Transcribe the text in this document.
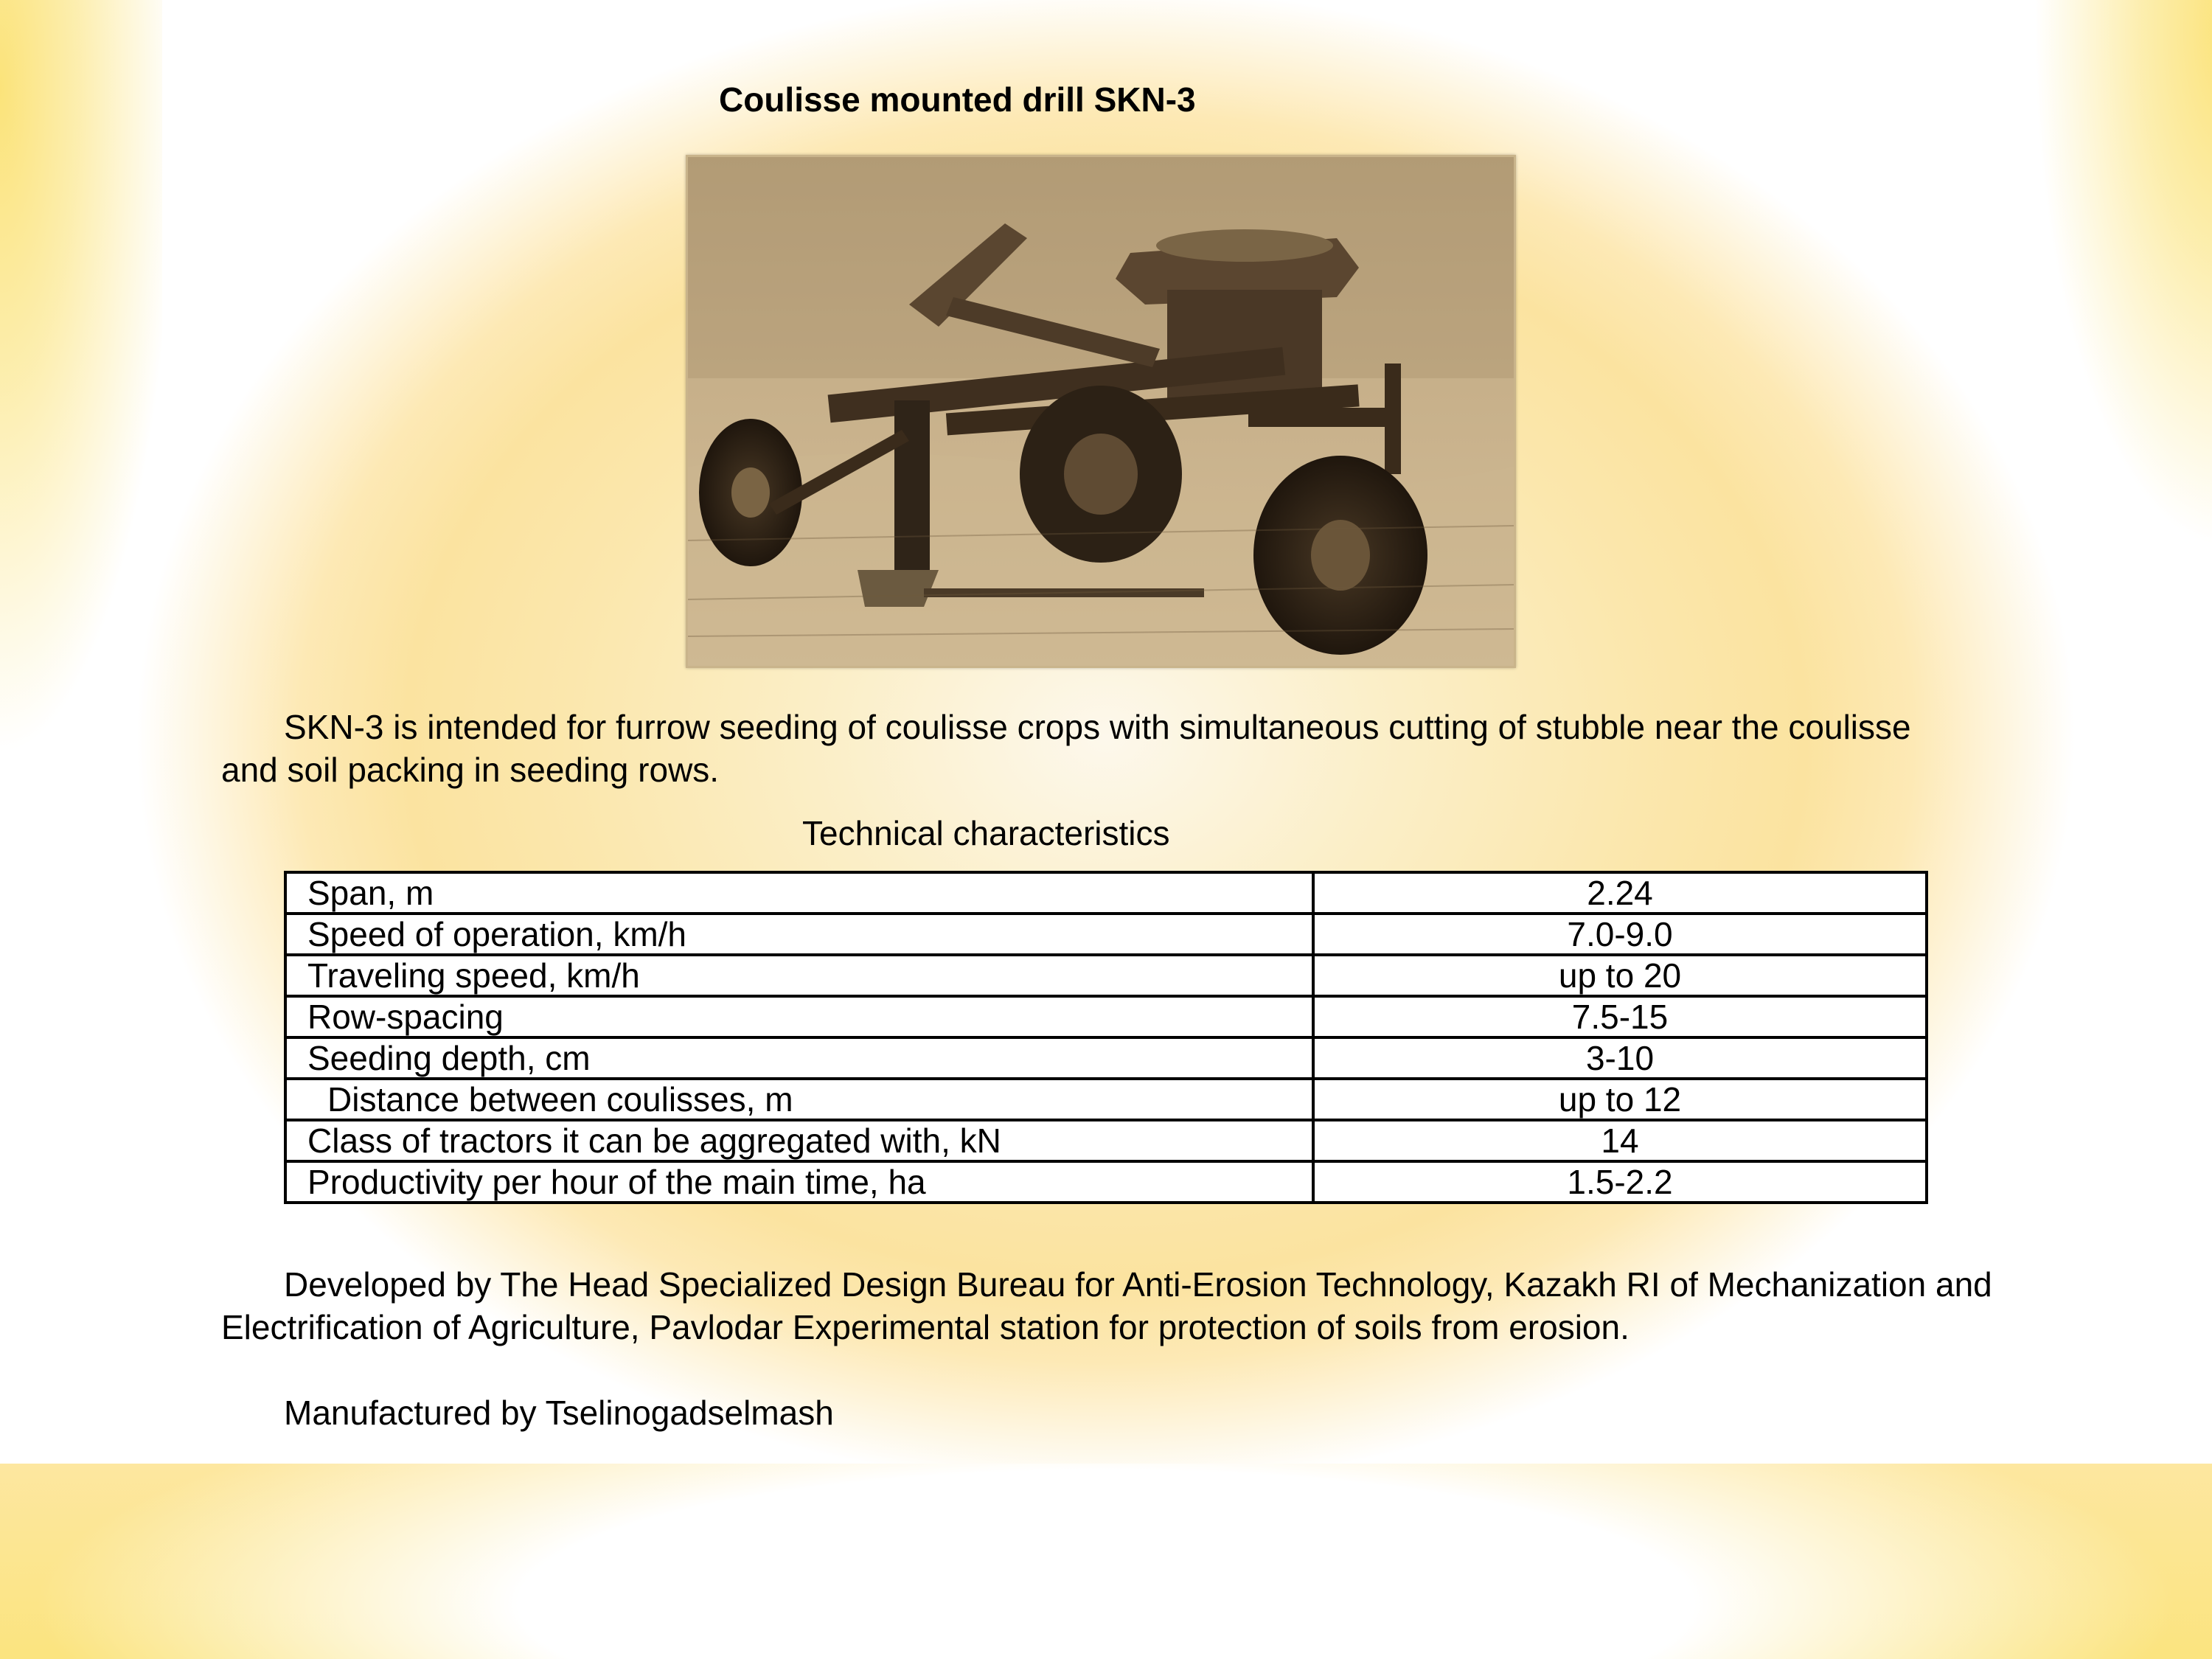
Coulisse mounted drill SKN-3
SKN-3 is intended for furrow seeding of coulisse crops with simultaneous cutting of stubble near the coulisse and soil packing in seeding rows.
Technical characteristics
Span, m	2.24
Speed of operation, km/h	7.0-9.0
Traveling speed, km/h	up to 20
Row-spacing	7.5-15
Seeding depth, cm	3-10
Distance between coulisses, m	up to 12
Class of tractors it can be aggregated with, kN	14
Productivity per hour of the main time, ha	1.5-2.2
Developed by The Head Specialized Design Bureau for Anti-Erosion Technology, Kazakh RI of Mechanization and Electrification of Agriculture, Pavlodar Experimental station for protection of soils from erosion.
Manufactured by Tselinogadselmash
